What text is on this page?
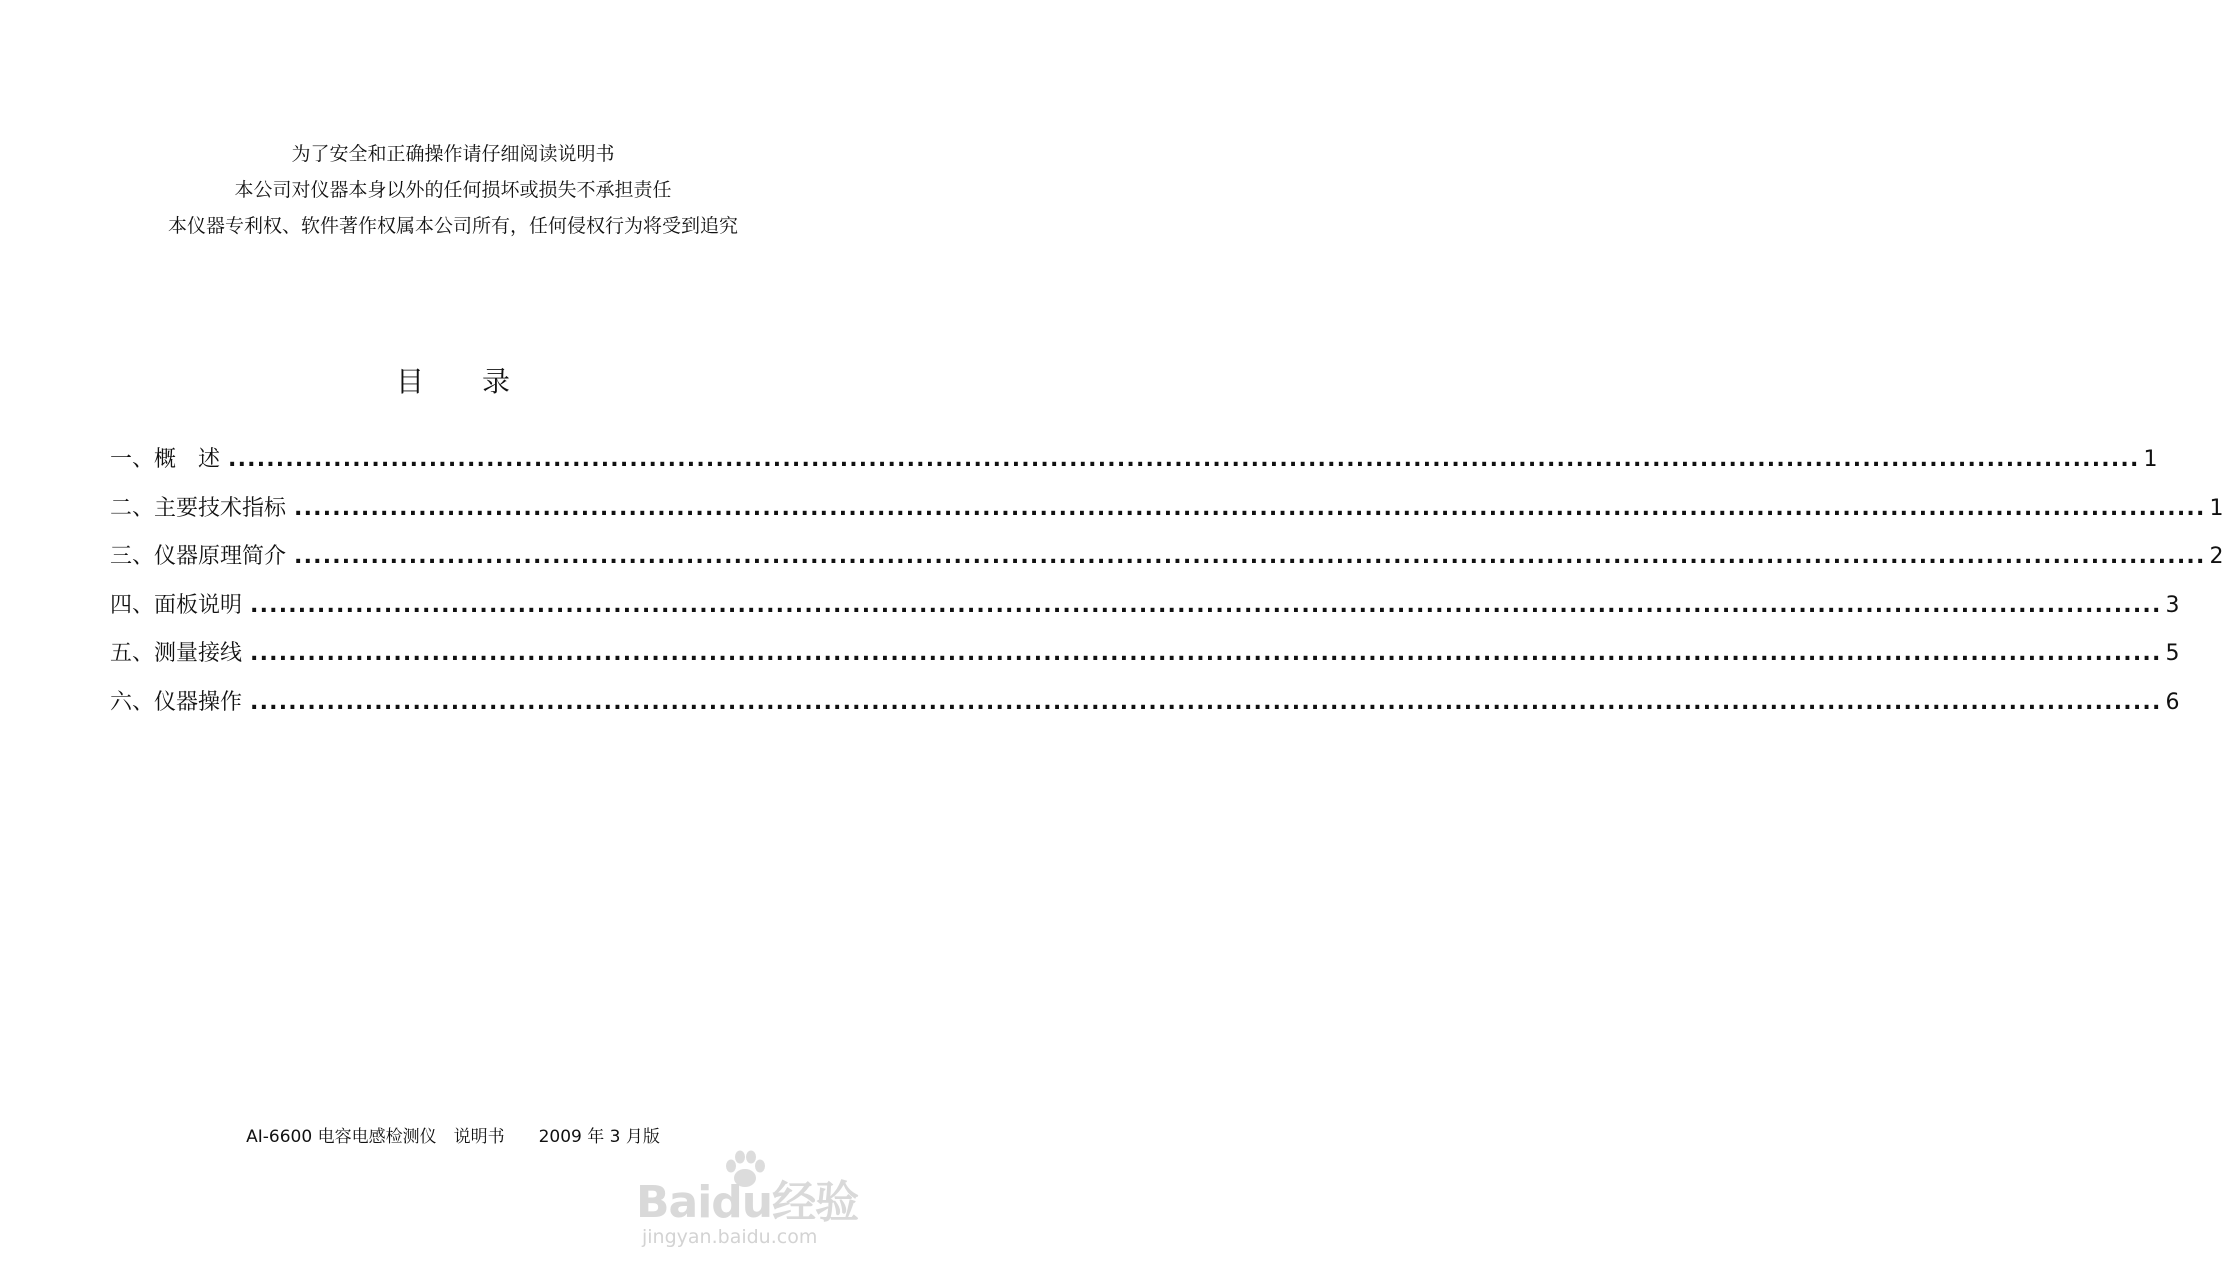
为了安全和正确操作请仔细阅读说明书
本公司对仪器本身以外的任何损坏或损失不承担责任
本仪器专利权、软件著作权属本公司所有，任何侵权行为将受到追究
目 录
一、概　述 ........................................................................................................................................................................................................ 1
二、主要技术指标 ........................................................................................................................................................................................................ 1
三、仪器原理简介 ........................................................................................................................................................................................................ 2
四、面板说明 ........................................................................................................................................................................................................ 3
五、测量接线 ........................................................................................................................................................................................................ 5
六、仪器操作 ........................................................................................................................................................................................................ 6
AI-6600 电容电感检测仪　说明书　　2009 年 3 月版
Baidu经验
jingyan.baidu.com
